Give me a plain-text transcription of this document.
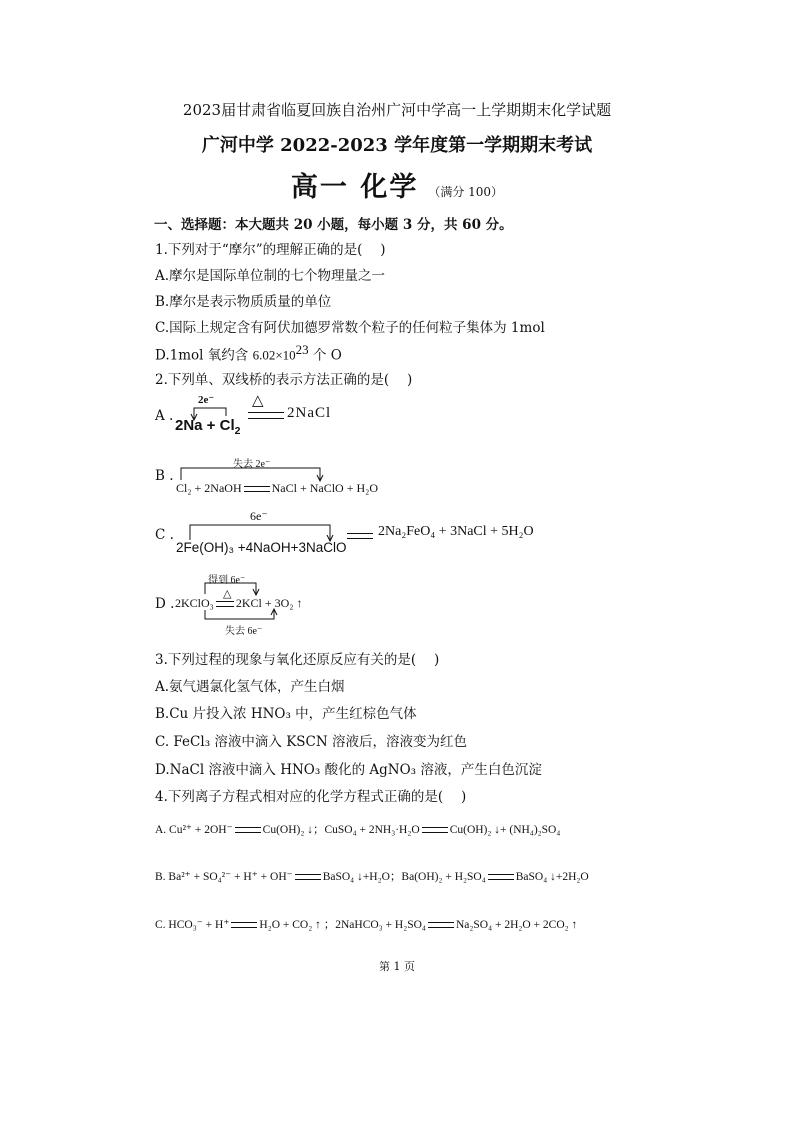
2023届甘肃省临夏回族自治州广河中学高一上学期期末化学试题
广河中学 2022-2023 学年度第一学期期末考试
高一 化学 （满分 100）
一、选择题：本大题共 20 小题，每小题 3 分，共 60 分。
1.下列对于“摩尔”的理解正确的是(　 )
A.摩尔是国际单位制的七个物理量之一
B.摩尔是表示物质质量的单位
C.国际上规定含有阿伏加德罗常数个粒子的任何粒子集体为 1mol
D.1mol 氧约含 $6.02\times 10^{23}$ 个 O
2.下列单、双线桥的表示方法正确的是(　 )
A .
2e⁻	△
$2Na + Cl_2$
2NaCl
B .
失去 2e⁻
Cl₂ + 2NaOH	NaCl + NaClO + H₂O
C .
6e⁻
2Fe(OH)₃ +4NaOH+3NaClO
2Na₂FeO₄ + 3NaCl + 5H₂O
D .
得到 6e⁻
△
2KClO₃ 2KCl + 3O₂ ↑
失去 6e⁻
3.下列过程的现象与氧化还原反应有关的是(　 )
A.氨气遇氯化氢气体，产生白烟
B.Cu 片投入浓 HNO₃ 中，产生红棕色气体
C. FeCl₃ 溶液中滴入 KSCN 溶液后，溶液变为红色
D.NaCl 溶液中滴入 HNO₃ 酸化的 AgNO₃ 溶液，产生白色沉淀
4.下列离子方程式相对应的化学方程式正确的是(　 )
A. Cu²⁺ + 2OH⁻	Cu(OH)₂ ↓；CuSO₄ + 2NH₃·H₂O	Cu(OH)₂ ↓+ (NH₄)₂SO₄
B. Ba²⁺ + SO₄²⁻ + H⁺ + OH⁻	BaSO₄ ↓+H₂O；Ba(OH)₂ + H₂SO₄	BaSO₄ ↓+2H₂O
C. HCO₃⁻ + H⁺	H₂O + CO₂ ↑ ；2NaHCO₃ + H₂SO₄	Na₂SO₄ + 2H₂O + 2CO₂ ↑
第 1 页
